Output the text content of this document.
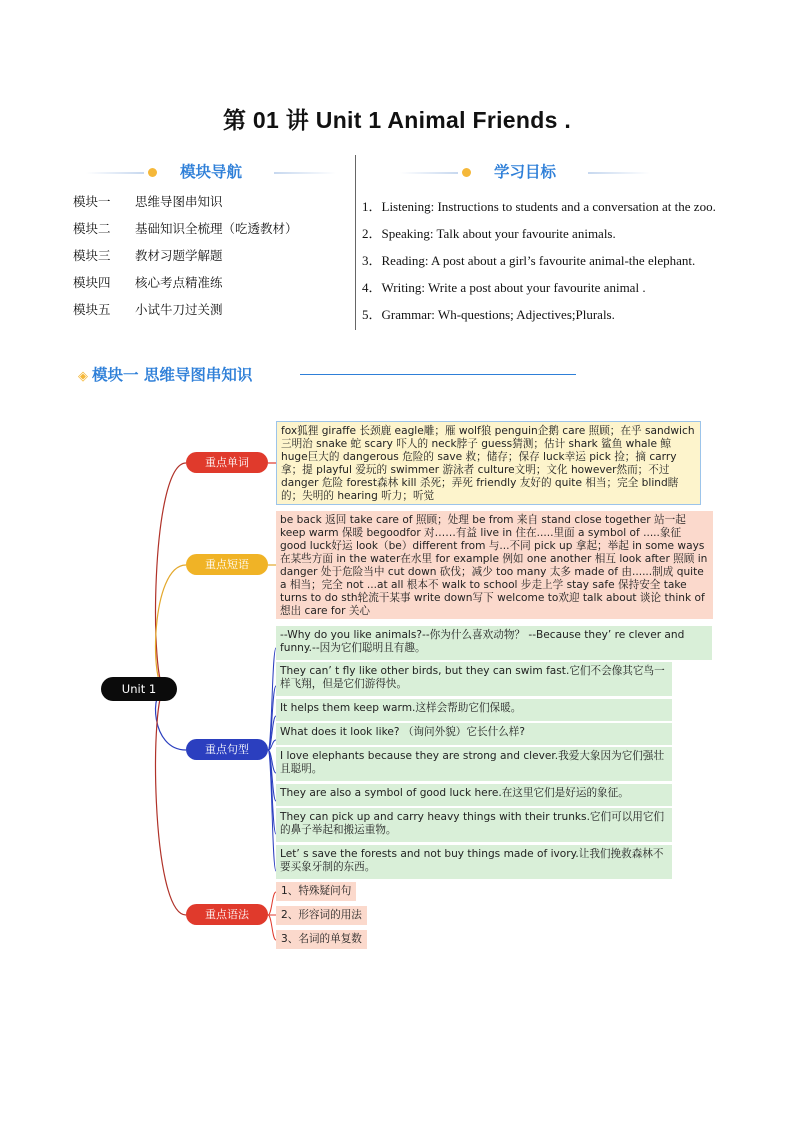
第 01 讲 Unit 1 Animal Friends .
模块导航	学习目标
模块一 思维导图串知识
模块二 基础知识全梳理（吃透教材）
模块三 教材习题学解题
模块四 核心考点精准练
模块五 小试牛刀过关测
1．Listening: Instructions to students and a conversation at the zoo.
2．Speaking: Talk about your favourite animals.
3．Reading: A post about a girl’s favourite animal-the elephant.
4．Writing: Write a post about your favourite animal .
5．Grammar: Wh-questions; Adjectives;Plurals.
◈ 模块一 思维导图串知识
Unit 1
重点单词
重点短语
重点句型
重点语法
fox狐狸 giraffe 长颈鹿 eagle雕；雁 wolf狼 penguin企鹅 care 照顾；在乎 sandwich三明治 snake 蛇 scary 吓人的 neck脖子 guess猜测；估计 shark 鲨鱼 whale 鲸 huge巨大的 dangerous 危险的 save 救；储存；保存 luck幸运 pick 捡；摘 carry 拿；提 playful 爱玩的 swimmer 游泳者 culture文明；文化 however然而；不过 danger 危险 forest森林 kill 杀死；弄死 friendly 友好的 quite 相当；完全 blind瞎的；失明的 hearing 听力；听觉
be back 返回 take care of 照顾；处理 be from 来自 stand close together 站一起 keep warm 保暖 begoodfor 对……有益 live in 住在.....里面 a symbol of .....象征 good luck好运 look（be）different from 与...不同 pick up 拿起；举起 in some ways 在某些方面 in the water在水里 for example 例如 one another 相互 look after 照顾 in danger 处于危险当中 cut down 砍伐；减少 too many 太多 made of 由......制成 quite a 相当；完全 not ...at all 根本不 walk to school 步走上学 stay safe 保持安全 take turns to do sth轮流干某事 write down写下 welcome to欢迎 talk about 谈论 think of 想出 care for 关心
--Why do you like animals?--你为什么喜欢动物？ --Because they’ re clever and funny.--因为它们聪明且有趣。
They can’ t fly like other birds, but they can swim fast.它们不会像其它鸟一样飞翔，但是它们游得快。
It helps them keep warm.这样会帮助它们保暖。
What does it look like? （询问外貌）它长什么样?
I love elephants because they are strong and clever.我爱大象因为它们强壮且聪明。
They are also a symbol of good luck here.在这里它们是好运的象征。
They can pick up and carry heavy things with their trunks.它们可以用它们的鼻子举起和搬运重物。
Let’ s save the forests and not buy things made of ivory.让我们挽救森林不要买象牙制的东西。
1、特殊疑问句
2、形容词的用法
3、名词的单复数
